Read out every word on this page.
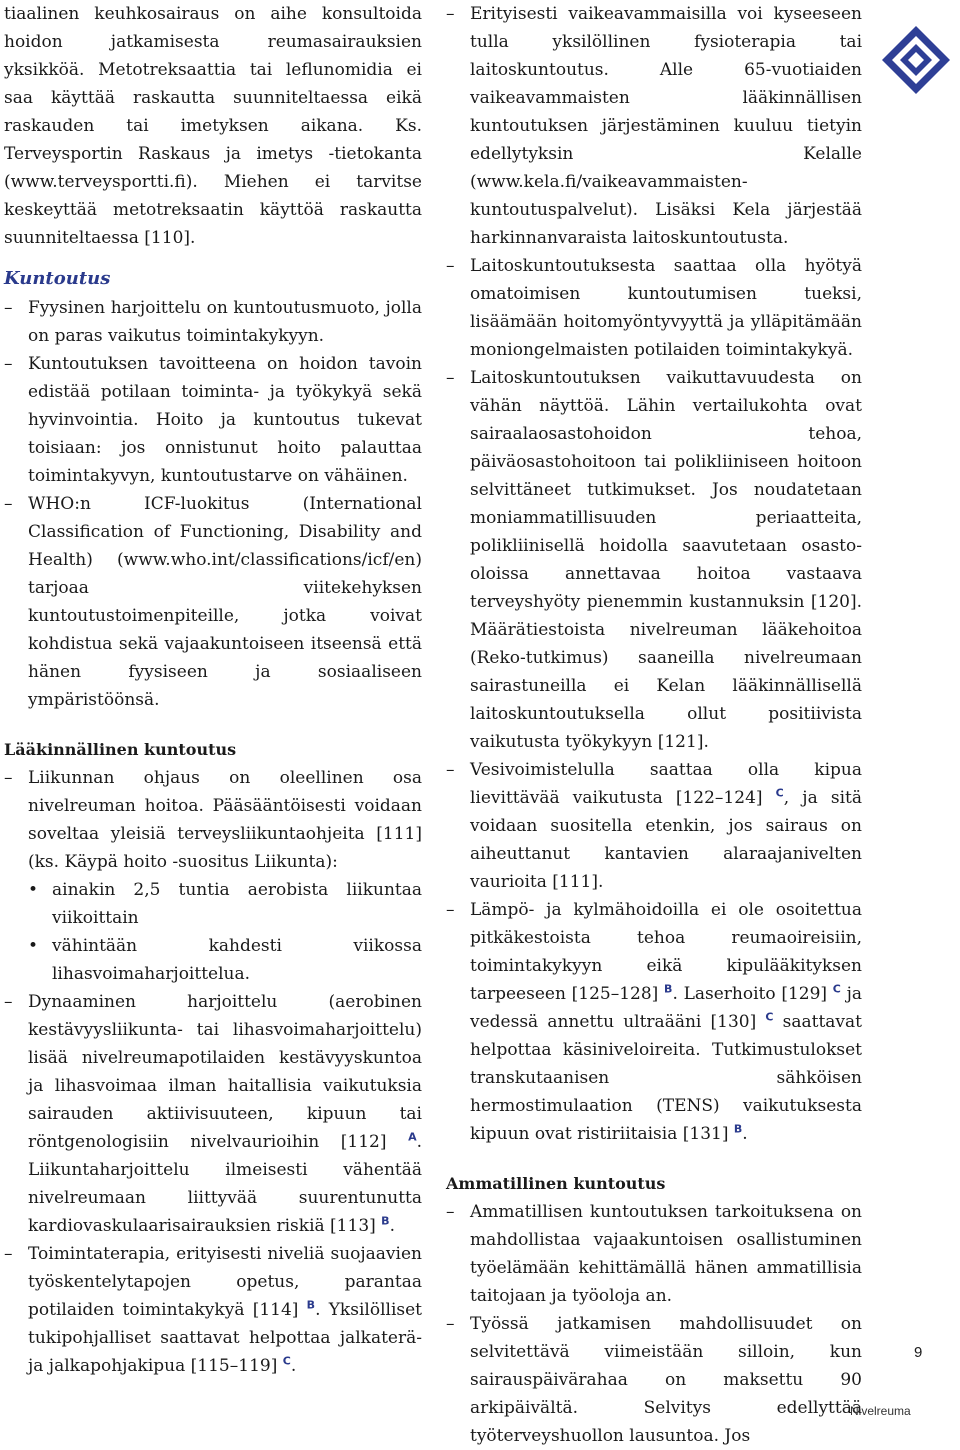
tiaalinen keuhkosairaus on aihe konsultoida hoidon jatkamisesta reumasairauksien yksikköä. Metotreksaattia tai leflunomidia ei saa käyttää raskautta suunniteltaessa eikä raskauden tai imetyksen aikana. Ks. Terveysportin Raskaus ja imetys -tietokanta (www.terveysportti.fi). Miehen ei tarvitse keskeyttää metotreksaatin käyttöä raskautta suunniteltaessa [110].

Kuntoutus
– Fyysinen harjoittelu on kuntoutusmuoto, jolla on paras vaikutus toimintakykyyn.
– Kuntoutuksen tavoitteena on hoidon tavoin edistää potilaan toiminta- ja työkykyä sekä hyvinvointia. Hoito ja kuntoutus tukevat toisiaan: jos onnistunut hoito palauttaa toimintakyvyn, kuntoutustarve on vähäinen.
– WHO:n ICF-luokitus (International Classification of Functioning, Disability and Health) (www.who.int/classifications/icf/en) tarjoaa viitekehyksen kuntoutustoimenpiteille, jotka voivat kohdistua sekä vajaakuntoiseen itseensä että hänen fyysiseen ja sosiaaliseen ympäristöönsä.
Lääkinnällinen kuntoutus
– Liikunnan ohjaus on oleellinen osa nivelreuman hoitoa. Pääsääntöisesti voidaan soveltaa yleisiä terveysliikuntaohjeita [111] (ks. Käypä hoito -suositus Liikunta):
• ainakin 2,5 tuntia aerobista liikuntaa viikoittain
• vähintään kahdesti viikossa lihasvoimaharjoittelua.
– Dynaaminen harjoittelu (aerobinen kestävyysliikunta- tai lihasvoimaharjoittelu) lisää nivelreumapotilaiden kestävyyskuntoa ja lihasvoimaa ilman haitallisia vaikutuksia sairauden aktiivisuuteen, kipuun tai röntgenologisiin nivelvaurioihin [112] $^A$. Liikuntaharjoittelu ilmeisesti vähentää nivelreumaan liittyvää suurentunutta kardiovaskulaarisairauksien riskiä [113] $^B$.
– Toimintaterapia, erityisesti niveliä suojaavien työskentelytapojen opetus, parantaa potilaiden toimintakykyä [114] $^B$. Yksilölliset tukipohjalliset saattavat helpottaa jalkaterä- ja jalkapohjakipua [115–119] $^C$.
– Erityisesti vaikeavammaisilla voi kyseeseen tulla yksilöllinen fysioterapia tai laitoskuntoutus. Alle 65-vuotiaiden vaikeavammaisten lääkinnällisen kuntoutuksen järjestäminen kuuluu tietyin edellytyksin Kelalle (www.kela.fi/vaikeavammaisten-kuntoutuspalvelut). Lisäksi Kela järjestää harkinnanvaraista laitoskuntoutusta.
– Laitoskuntoutuksesta saattaa olla hyötyä omatoimisen kuntoutumisen tueksi, lisäämään hoitomyöntyvyyttä ja ylläpitämään moniongelmaisten potilaiden toimintakykyä.
– Laitoskuntoutuksen vaikuttavuudesta on vähän näyttöä. Lähin vertailukohta ovat sairaalaosastohoidon tehoa, päiväosastohoitoon tai polikliiniseen hoitoon selvittäneet tutkimukset. Jos noudatetaan moniammatillisuuden periaatteita, polikliinisellä hoidolla saavutetaan osasto-oloissa annettavaa hoitoa vastaava terveyshyöty pienemmin kustannuksin [120]. Määrätiestoista nivelreuman lääkehoitoa (Reko-tutkimus) saaneilla nivelreumaan sairastuneilla ei Kelan lääkinnällisellä laitoskuntoutuksella ollut positiivista vaikutusta työkykyyn [121].
– Vesivoimistelulla saattaa olla kipua lievittävää vaikutusta [122–124] $^C$, ja sitä voidaan suositella etenkin, jos sairaus on aiheuttanut kantavien alaraajanivelten vaurioita [111].
– Lämpö- ja kylmähoidoilla ei ole osoitettua pitkäkestoista tehoa reumaoireisiin, toimintakykyyn eikä kipulääkityksen tarpeeseen [125–128] $^B$. Laserhoito [129] $^C$ ja vedessä annettu ultraääni [130] $^C$ saattavat helpottaa käsiniveloireita. Tutkimustulokset transkutaanisen sähköisen hermostimulaation (TENS) vaikutuksesta kipuun ovat ristiriitaisia [131] $^B$.
Ammatillinen kuntoutus
– Ammatillisen kuntoutuksen tarkoituksena on mahdollistaa vajaakuntoisen osallistuminen työelämään kehittämällä hänen ammatillisia taitojaan ja työoloja an.
– Työssä jatkamisen mahdollisuudet on selvitettävä viimeistään silloin, kun sairauspäivärahaa on maksettu 90 arkipäivältä. Selvitys edellyttää työterveyshuollon lausuntoa. Jos
9
Nivelreuma
